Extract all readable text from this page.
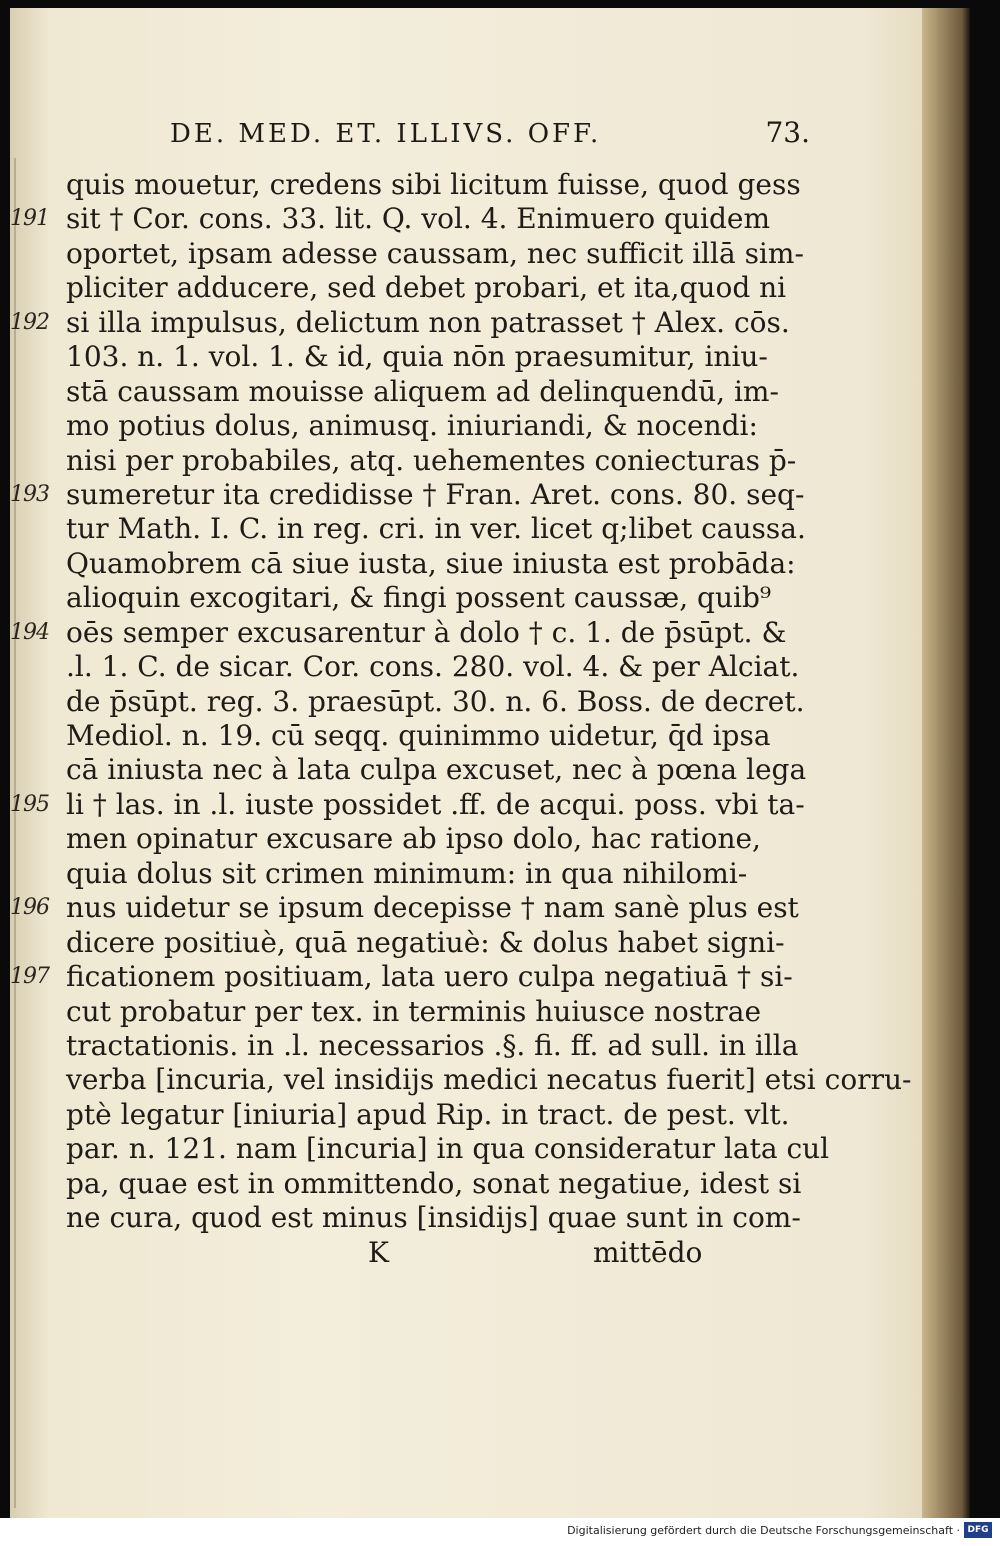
DE. MED. ET. ILLIVS. OFF.	73.
quis mouetur, credens sibi licitum fuisse, quod gess
191 sit † Cor. cons. 33. lit. Q. vol. 4. Enimuero quidem
oportet, ipsam adesse caussam, nec sufficit illā sim-
pliciter adducere, sed debet probari, et ita,quod ni
192 si illa impulsus, delictum non patrasset † Alex. cōs.
103. n. 1. vol. 1. & id, quia nōn praesumitur, iniu-
stā caussam mouisse aliquem ad delinquendū, im-
mo potius dolus, animusq. iniuriandi, & nocendi:
nisi per probabiles, atq. uehementes coniecturas p̄-
193 sumeretur ita credidisse † Fran. Aret. cons. 80. seq-
tur Math. I. C. in reg. cri. in ver. licet q;libet caussa.
Quamobrem cā siue iusta, siue iniusta est probāda:
alioquin excogitari, & fingi possent caussæ, quib⁹
194 oēs semper excusarentur à dolo † c. 1. de p̄sūpt. &
.l. 1. C. de sicar. Cor. cons. 280. vol. 4. & per Alciat.
de p̄sūpt. reg. 3. praesūpt. 30. n. 6. Boss. de decret.
Mediol. n. 19. cū seqq. quinimmo uidetur, q̄d ipsa
cā iniusta nec à lata culpa excuset, nec à pœna lega
195 li † las. in .l. iuste possidet .ff. de acqui. poss. vbi ta-
men opinatur excusare ab ipso dolo, hac ratione,
quia dolus sit crimen minimum: in qua nihilomi-
196 nus uidetur se ipsum decepisse † nam sanè plus est
dicere positiuè, quā negatiuè: & dolus habet signi-
197 ficationem positiuam, lata uero culpa negatiuā † si-
cut probatur per tex. in terminis huiusce nostrae
tractationis. in .l. necessarios .§. fi. ff. ad sull. in illa
verba [incuria, vel insidijs medici necatus fuerit] etsi corru-
ptè legatur [iniuria] apud Rip. in tract. de pest. vlt.
par. n. 121. nam [incuria] in qua consideratur lata cul
pa, quae est in ommittendo, sonat negatiue, idest si
ne cura, quod est minus [insidijs] quae sunt in com-
K	mittēdo
Digitalisierung gefördert durch die Deutsche Forschungsgemeinschaft · DFG
